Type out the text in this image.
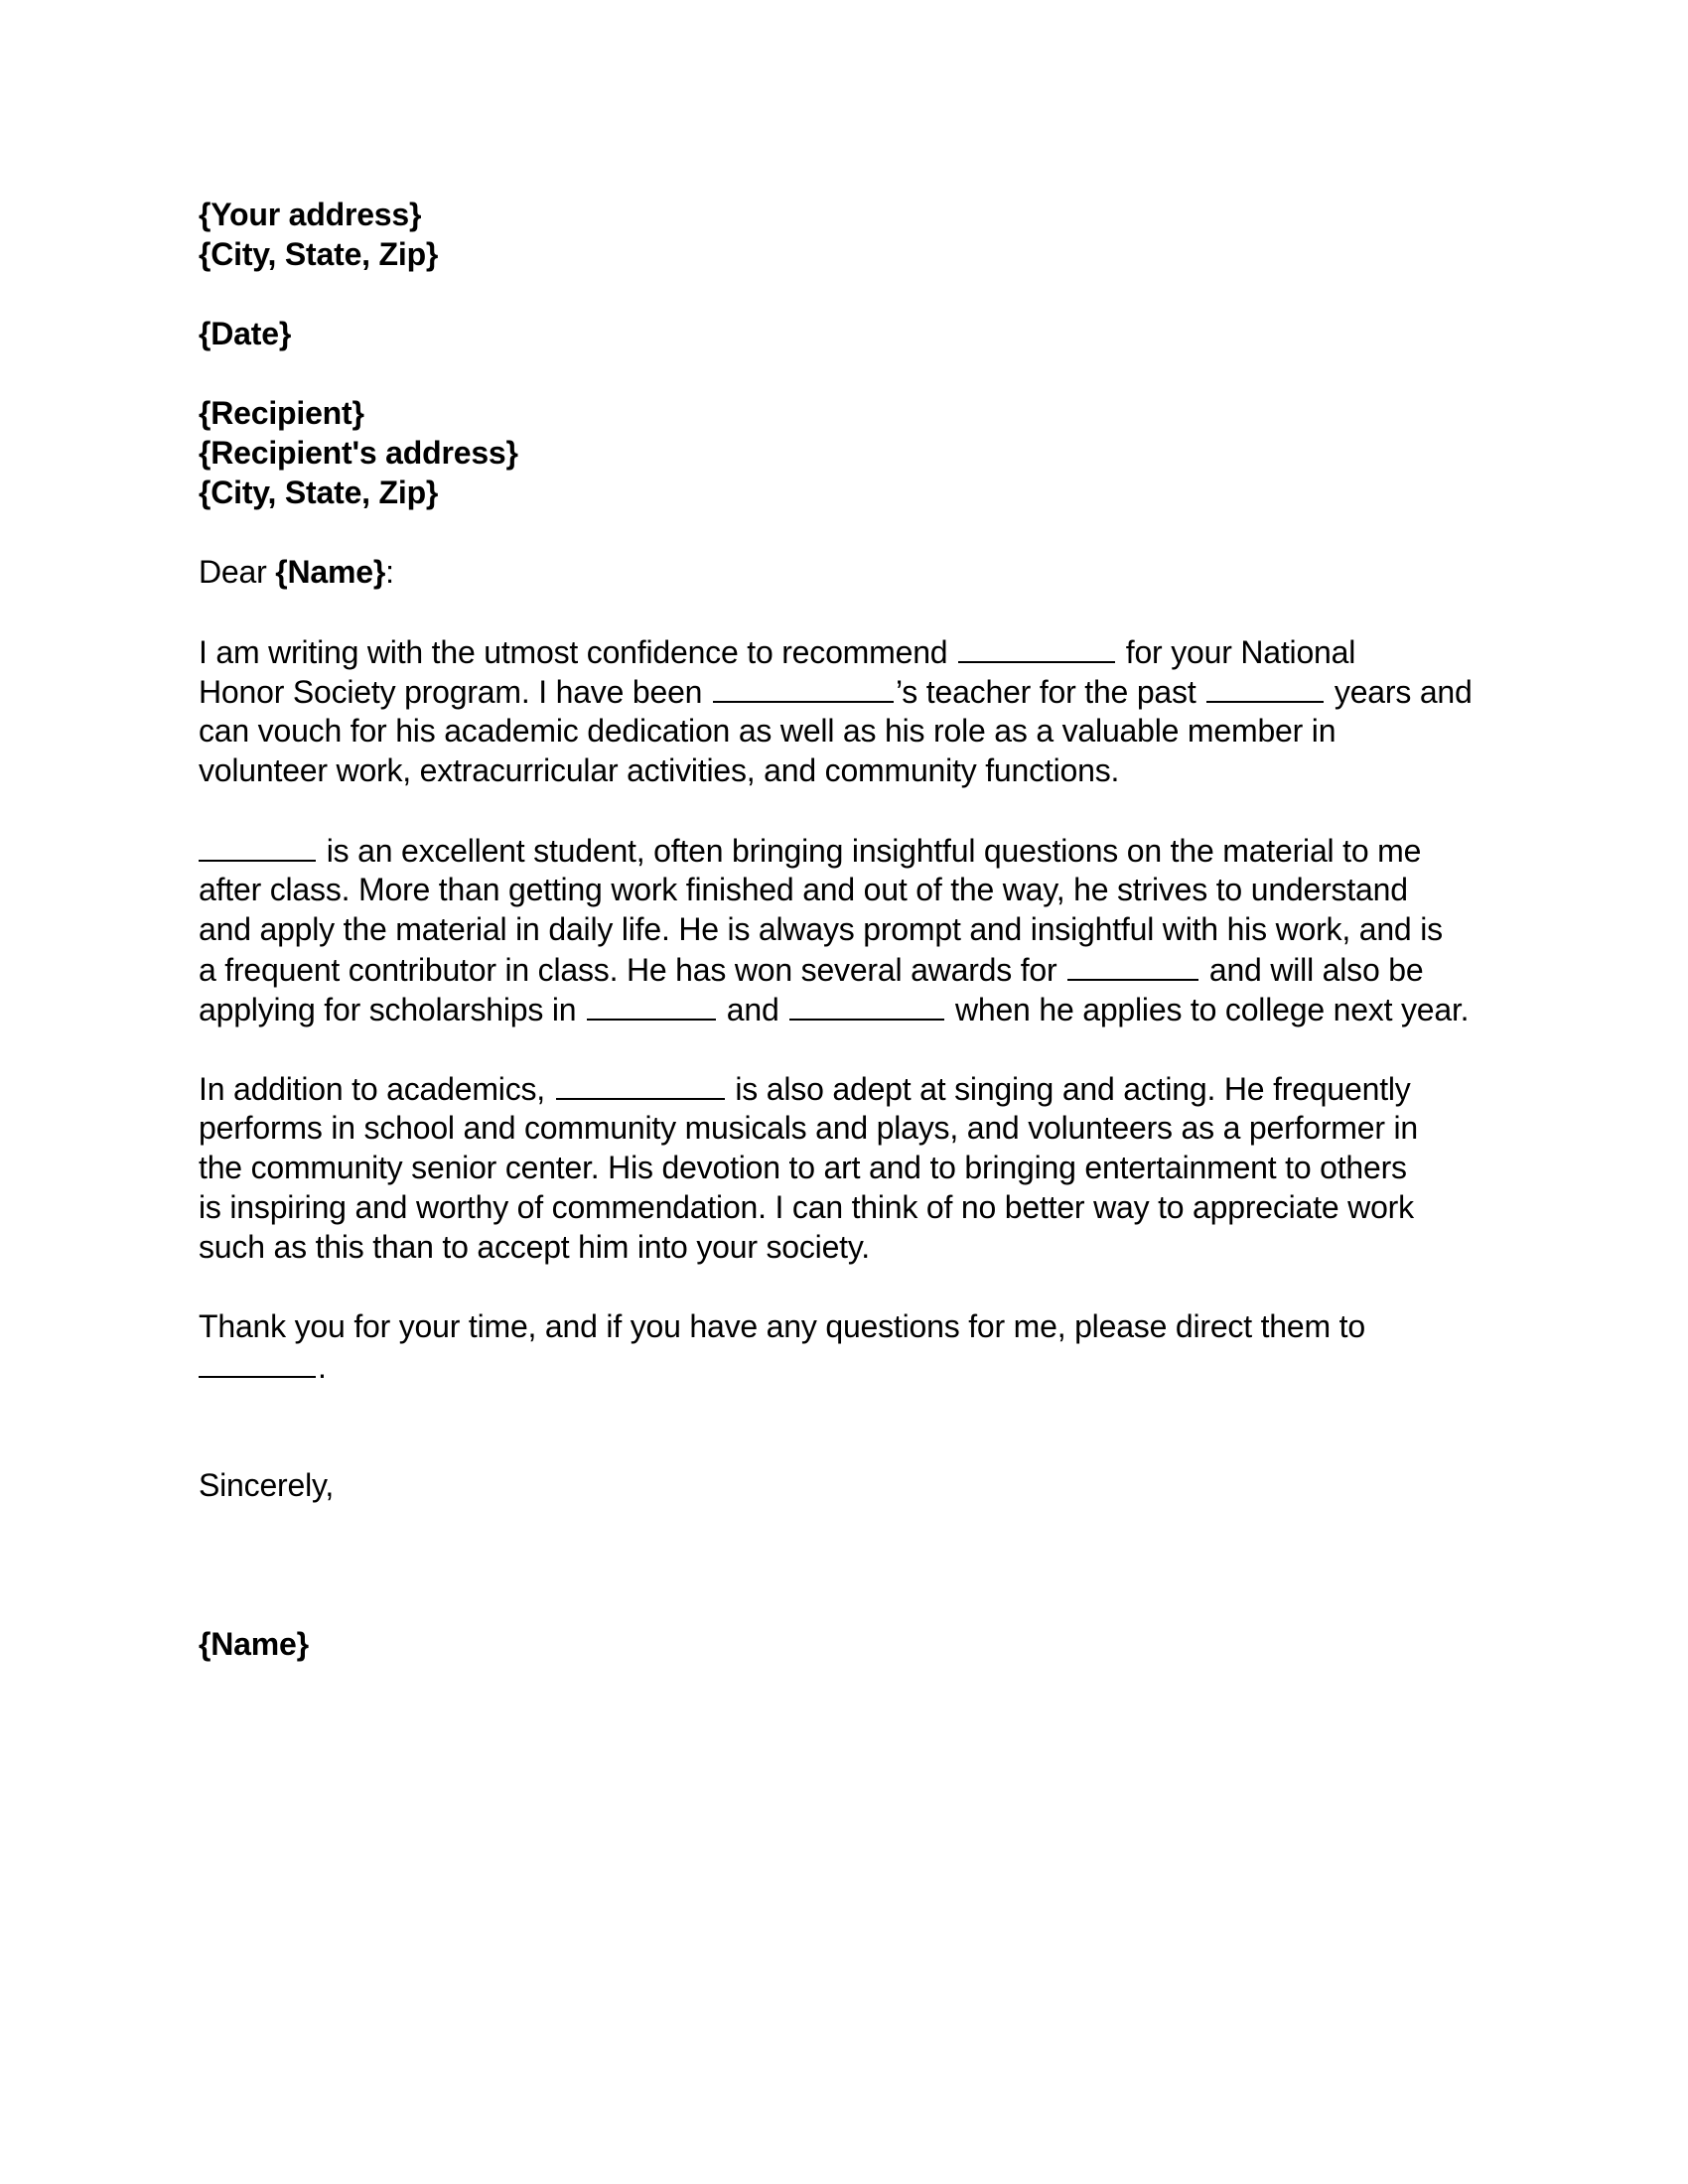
{Your address}
{City, State, Zip}
{Date}
{Recipient}
{Recipient's address}
{City, State, Zip}
Dear {Name}:
I am writing with the utmost confidence to recommend	for your National
Honor Society program. I have been	’s teacher for the past	years and
can vouch for his academic dedication as well as his role as a valuable member in
volunteer work, extracurricular activities, and community functions.
is an excellent student, often bringing insightful questions on the material to me
after class. More than getting work finished and out of the way, he strives to understand
and apply the material in daily life. He is always prompt and insightful with his work, and is
a frequent contributor in class. He has won several awards for	and will also be
applying for scholarships in	and	when he applies to college next year.
In addition to academics,	is also adept at singing and acting. He frequently
performs in school and community musicals and plays, and volunteers as a performer in
the community senior center. His devotion to art and to bringing entertainment to others
is inspiring and worthy of commendation. I can think of no better way to appreciate work
such as this than to accept him into your society.
Thank you for your time, and if you have any questions for me, please direct them to
.
Sincerely,
{Name}
